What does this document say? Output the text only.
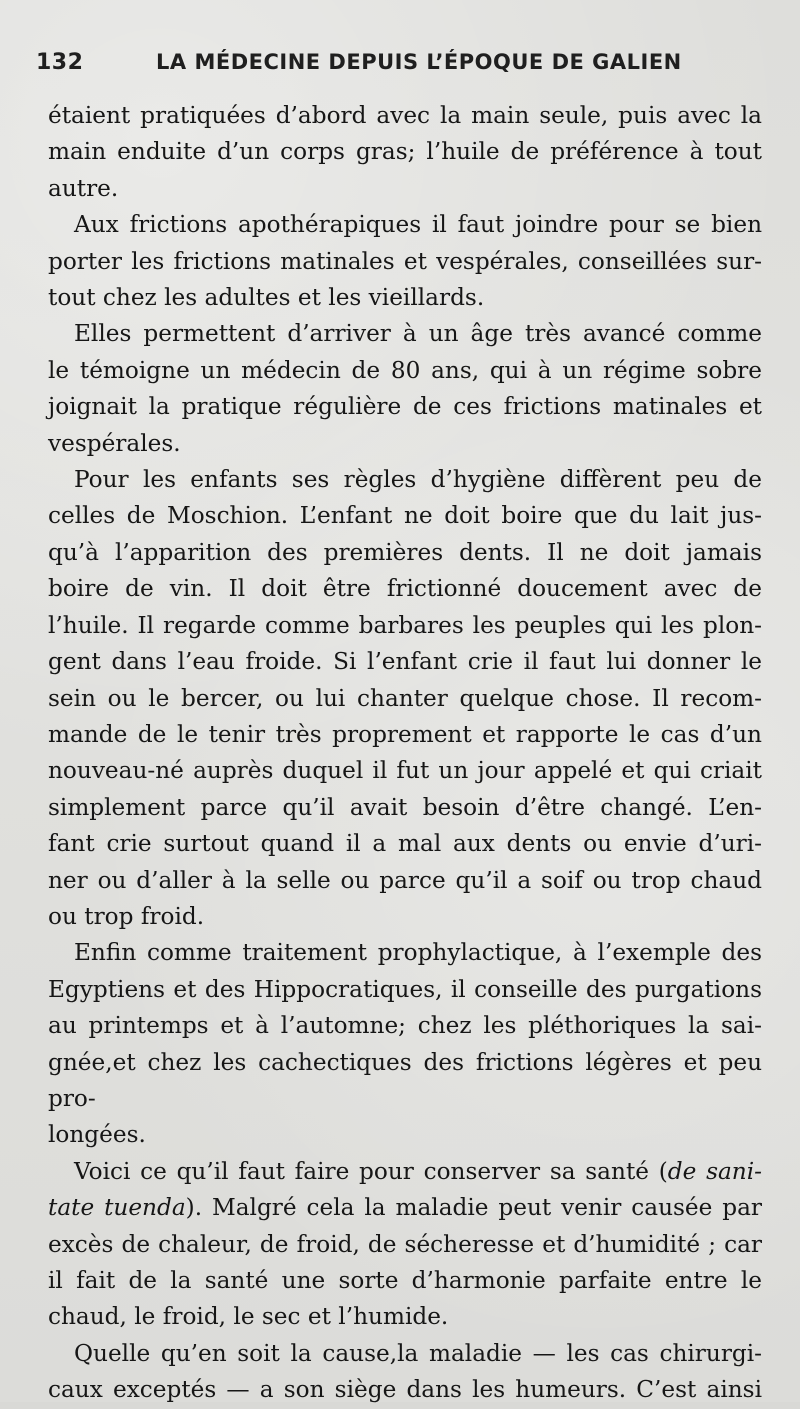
132	LA MÉDECINE DEPUIS L’ÉPOQUE DE GALIEN
étaient pratiquées d’abord avec la main seule, puis avec la
main enduite d’un corps gras; l’huile de préférence à tout
autre.
Aux frictions apothérapiques il faut joindre pour se bien
porter les frictions matinales et vespérales, conseillées sur-
tout chez les adultes et les vieillards.
Elles permettent d’arriver à un âge très avancé comme
le témoigne un médecin de 80 ans, qui à un régime sobre
joignait la pratique régulière de ces frictions matinales et
vespérales.
Pour les enfants ses règles d’hygiène diffèrent peu de
celles de Moschion. L’enfant ne doit boire que du lait jus-
qu’à l’apparition des premières dents. Il ne doit jamais
boire de vin. Il doit être frictionné doucement avec de
l’huile. Il regarde comme barbares les peuples qui les plon-
gent dans l’eau froide. Si l’enfant crie il faut lui donner le
sein ou le bercer, ou lui chanter quelque chose. Il recom-
mande de le tenir très proprement et rapporte le cas d’un
nouveau-né auprès duquel il fut un jour appelé et qui criait
simplement parce qu’il avait besoin d’être changé. L’en-
fant crie surtout quand il a mal aux dents ou envie d’uri-
ner ou d’aller à la selle ou parce qu’il a soif ou trop chaud
ou trop froid.
Enfin comme traitement prophylactique, à l’exemple des
Egyptiens et des Hippocratiques, il conseille des purgations
au printemps et à l’automne; chez les pléthoriques la sai-
gnée,et chez les cachectiques des frictions légères et peu pro-
longées.
Voici ce qu’il faut faire pour conserver sa santé (de sani-
tate tuenda). Malgré cela la maladie peut venir causée par
excès de chaleur, de froid, de sécheresse et d’humidité ; car
il fait de la santé une sorte d’harmonie parfaite entre le
chaud, le froid, le sec et l’humide.
Quelle qu’en soit la cause,la maladie — les cas chirurgi-
caux exceptés — a son siège dans les humeurs. C’est ainsi
